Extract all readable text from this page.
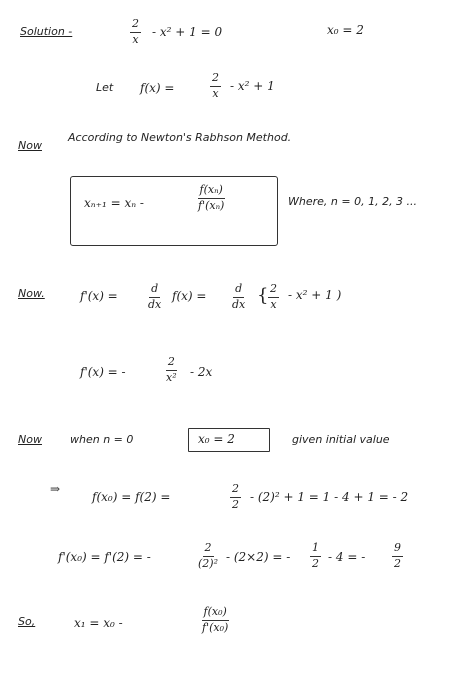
Solution -	$\frac{2}{x} - x^2 + 1 = 0$	x₀ = 2
Let f(x) =	$\frac{2}{x} - x^2 + 1$
Now
According to Newton's Rabhson Method.
xₙ₊₁ = xₙ -	$\frac{\text{f(xₙ)}}{\text{f'(xₙ)}}$	Where, n = 0, 1, 2, 3 ...
Now.	f'(x) =	$\frac{d}{dx} f(x) = \frac{d}{dx}$ { $\frac{2}{x} - x^2 + 1$ )
f'(x) = -	$\frac{2}{\text{x²}} - 2x$
Now	when n = 0	x₀ = 2	given initial value
⇒
f(x₀) = f(2) =	$\frac{2}{2} - (2)^2 + 1 = 1 - 4 + 1$ = - 2
f'(x₀) = f'(2) = -	$\frac{2}{\text{(2)²}} - (2\times 2)$ = - $\frac{1}{2} - 4$ = - $\frac{9}{2}$
So,	x₁ = x₀ -	$\frac{\text{f(x₀)}}{\text{f'(x₀)}}$
